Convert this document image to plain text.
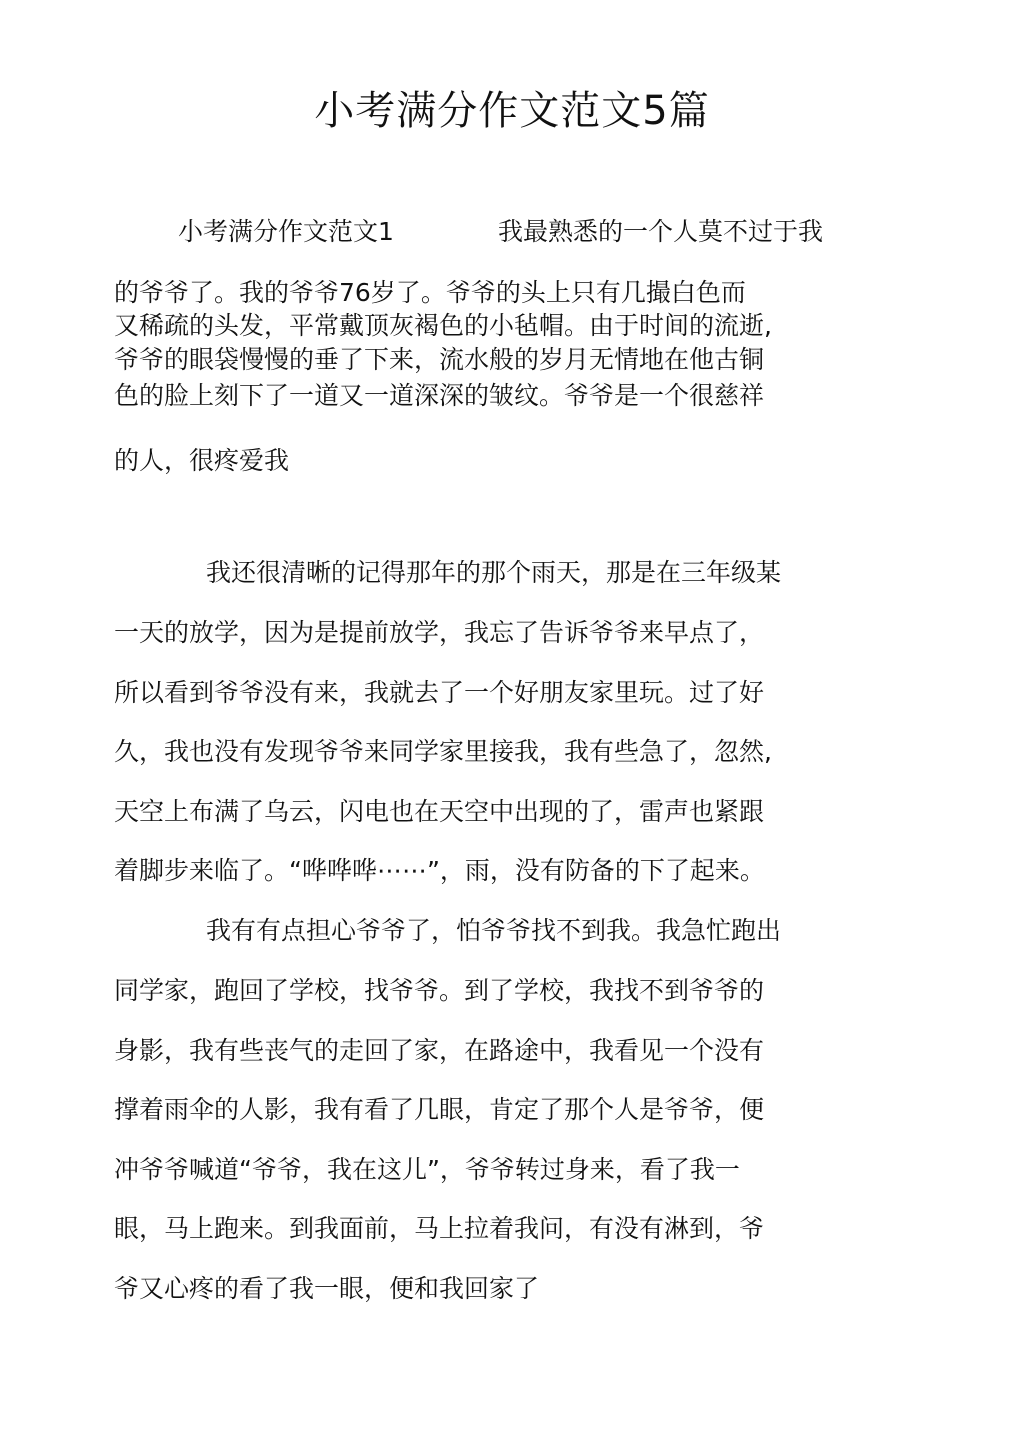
小考满分作文范文5篇
小考满分作文范文1	我最熟悉的一个人莫不过于我
的爷爷了。我的爷爷76岁了。爷爷的头上只有几撮白色而
又稀疏的头发，平常戴顶灰褐色的小毡帽。由于时间的流逝,
爷爷的眼袋慢慢的垂了下来，流水般的岁月无情地在他古铜
色的脸上刻下了一道又一道深深的皱纹。爷爷是一个很慈祥
的人，很疼爱我
我还很清晰的记得那年的那个雨天，那是在三年级某
一天的放学，因为是提前放学，我忘了告诉爷爷来早点了，
所以看到爷爷没有来，我就去了一个好朋友家里玩。过了好
久，我也没有发现爷爷来同学家里接我，我有些急了，忽然,
天空上布满了乌云，闪电也在天空中出现的了，雷声也紧跟
着脚步来临了。“哗哗哗⋯⋯”，雨，没有防备的下了起来。
我有有点担心爷爷了，怕爷爷找不到我。我急忙跑出
同学家，跑回了学校，找爷爷。到了学校，我找不到爷爷的
身影，我有些丧气的走回了家，在路途中，我看见一个没有
撑着雨伞的人影，我有看了几眼，肯定了那个人是爷爷，便
冲爷爷喊道“爷爷，我在这儿”，爷爷转过身来，看了我一
眼，马上跑来。到我面前，马上拉着我问，有没有淋到，爷
爷又心疼的看了我一眼，便和我回家了
